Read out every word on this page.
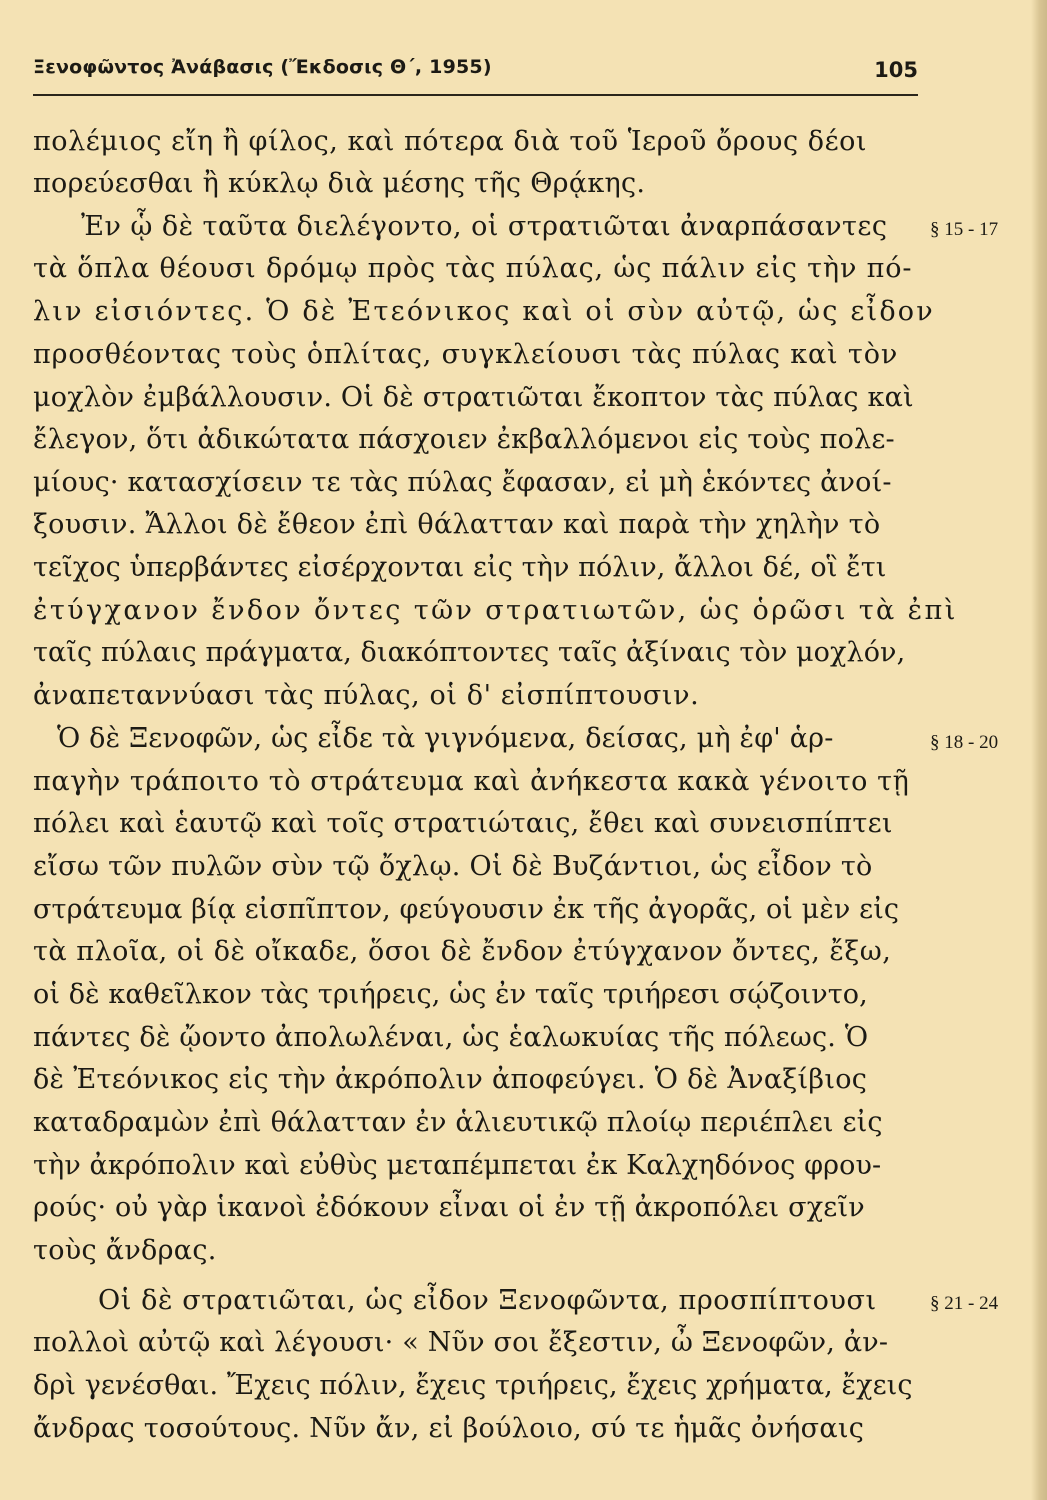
Ξενοφῶντος Ἀνάβασις (Ἔκδοσις Θ΄, 1955)	105
πολέμιος εἴη ἢ φίλος, καὶ πότερα διὰ τοῦ Ἱεροῦ ὄρους δέοι
πορεύεσθαι ἢ κύκλῳ διὰ μέσης τῆς Θρᾴκης.
Ἐν ᾧ δὲ ταῦτα διελέγοντο, οἱ στρατιῶται ἀναρπάσαντες
τὰ ὅπλα θέουσι δρόμῳ πρὸς τὰς πύλας, ὡς πάλιν εἰς τὴν πό-
λιν εἰσιόντες. Ὁ δὲ Ἐτεόνικος καὶ οἱ σὺν αὐτῷ, ὡς εἶδον
προσθέοντας τοὺς ὁπλίτας, συγκλείουσι τὰς πύλας καὶ τὸν
μοχλὸν ἐμβάλλουσιν. Οἱ δὲ στρατιῶται ἔκοπτον τὰς πύλας καὶ
ἔλεγον, ὅτι ἀδικώτατα πάσχοιεν ἐκβαλλόμενοι εἰς τοὺς πολε-
μίους· κατασχίσειν τε τὰς πύλας ἔφασαν, εἰ μὴ ἑκόντες ἀνοί-
ξουσιν. Ἄλλοι δὲ ἔθεον ἐπὶ θάλατταν καὶ παρὰ τὴν χηλὴν τὸ
τεῖχος ὑπερβάντες εἰσέρχονται εἰς τὴν πόλιν, ἄλλοι δέ, οἳ ἔτι
ἐτύγχανον ἔνδον ὄντες τῶν στρατιωτῶν, ὡς ὁρῶσι τὰ ἐπὶ
ταῖς πύλαις πράγματα, διακόπτοντες ταῖς ἀξίναις τὸν μοχλόν,
ἀναπεταννύασι τὰς πύλας, οἱ δ' εἰσπίπτουσιν.
Ὁ δὲ Ξενοφῶν, ὡς εἶδε τὰ γιγνόμενα, δείσας, μὴ ἐφ' ἁρ-
παγὴν τράποιτο τὸ στράτευμα καὶ ἀνήκεστα κακὰ γένοιτο τῇ
πόλει καὶ ἑαυτῷ καὶ τοῖς στρατιώταις, ἔθει καὶ συνεισπίπτει
εἴσω τῶν πυλῶν σὺν τῷ ὄχλῳ. Οἱ δὲ Βυζάντιοι, ὡς εἶδον τὸ
στράτευμα βίᾳ εἰσπῖπτον, φεύγουσιν ἐκ τῆς ἀγορᾶς, οἱ μὲν εἰς
τὰ πλοῖα, οἱ δὲ οἴκαδε, ὅσοι δὲ ἔνδον ἐτύγχανον ὄντες, ἔξω,
οἱ δὲ καθεῖλκον τὰς τριήρεις, ὡς ἐν ταῖς τριήρεσι σῴζοιντο,
πάντες δὲ ᾤοντο ἀπολωλέναι, ὡς ἑαλωκυίας τῆς πόλεως. Ὁ
δὲ Ἐτεόνικος εἰς τὴν ἀκρόπολιν ἀποφεύγει. Ὁ δὲ Ἀναξίβιος
καταδραμὼν ἐπὶ θάλατταν ἐν ἁλιευτικῷ πλοίῳ περιέπλει εἰς
τὴν ἀκρόπολιν καὶ εὐθὺς μεταπέμπεται ἐκ Καλχηδόνος φρου-
ρούς· οὐ γὰρ ἱκανοὶ ἐδόκουν εἶναι οἱ ἐν τῇ ἀκροπόλει σχεῖν
τοὺς ἄνδρας.
Οἱ δὲ στρατιῶται, ὡς εἶδον Ξενοφῶντα, προσπίπτουσι
πολλοὶ αὐτῷ καὶ λέγουσι· « Νῦν σοι ἔξεστιν, ὦ Ξενοφῶν, ἀν-
δρὶ γενέσθαι. Ἔχεις πόλιν, ἔχεις τριήρεις, ἔχεις χρήματα, ἔχεις
ἄνδρας τοσούτους. Νῦν ἄν, εἰ βούλοιο, σύ τε ἡμᾶς ὀνήσαις
§ 15 - 17
§ 18 - 20
§ 21 - 24
